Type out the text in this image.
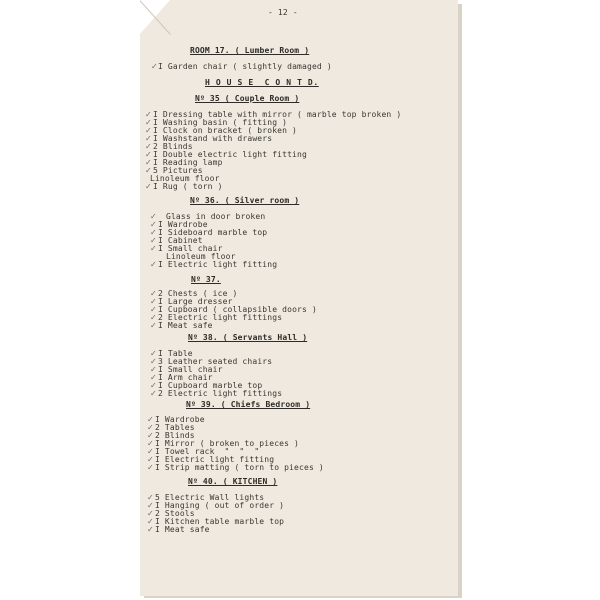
- 12 -
ROOM 17. ( Lumber Room )
✓ I Garden chair ( slightly damaged )
H O U S E  C O N T D.
Nº 35 ( Couple Room )
✓ I Dressing table with mirror ( marble top broken )
✓ I Washing basin ( fitting )
✓ I Clock on bracket ( broken )
✓ I Washstand with drawers
✓ 2 Blinds
✓ I Double electric light fitting
✓ I Reading lamp
✓ 5 Pictures
Linoleum floor
✓ I Rug ( torn )
Nº 36. ( Silver room )
✓ Glass in door broken
✓ I Wardrobe
✓ I Sideboard marble top
✓ I Cabinet
✓ I Small chair
Linoleum floor
✓ I Electric light fitting
Nº 37.
✓ 2 Chests ( ice )
✓ I Large dresser
✓ I Cupboard ( collapsible doors )
✓ 2 Electric light fittings
✓ I Meat safe
Nº 38. ( Servants Hall )
✓ I Table
✓ 3 Leather seated chairs
✓ I Small chair
✓ I Arm chair
✓ I Cupboard marble top
✓ 2 Electric light fittings
Nº 39. ( Chiefs Bedroom )
✓ I Wardrobe
✓ 2 Tables
✓ 2 Blinds
✓ I Mirror ( broken to pieces )
✓ I Towel rack  "  "  "
✓ I Electric light fitting
✓ I Strip matting ( torn to pieces )
Nº 40. ( KITCHEN )
✓ 5 Electric Wall lights
✓ I Hanging ( out of order )
✓ 2 Stools
✓ I Kitchen table marble top
✓ I Meat safe
